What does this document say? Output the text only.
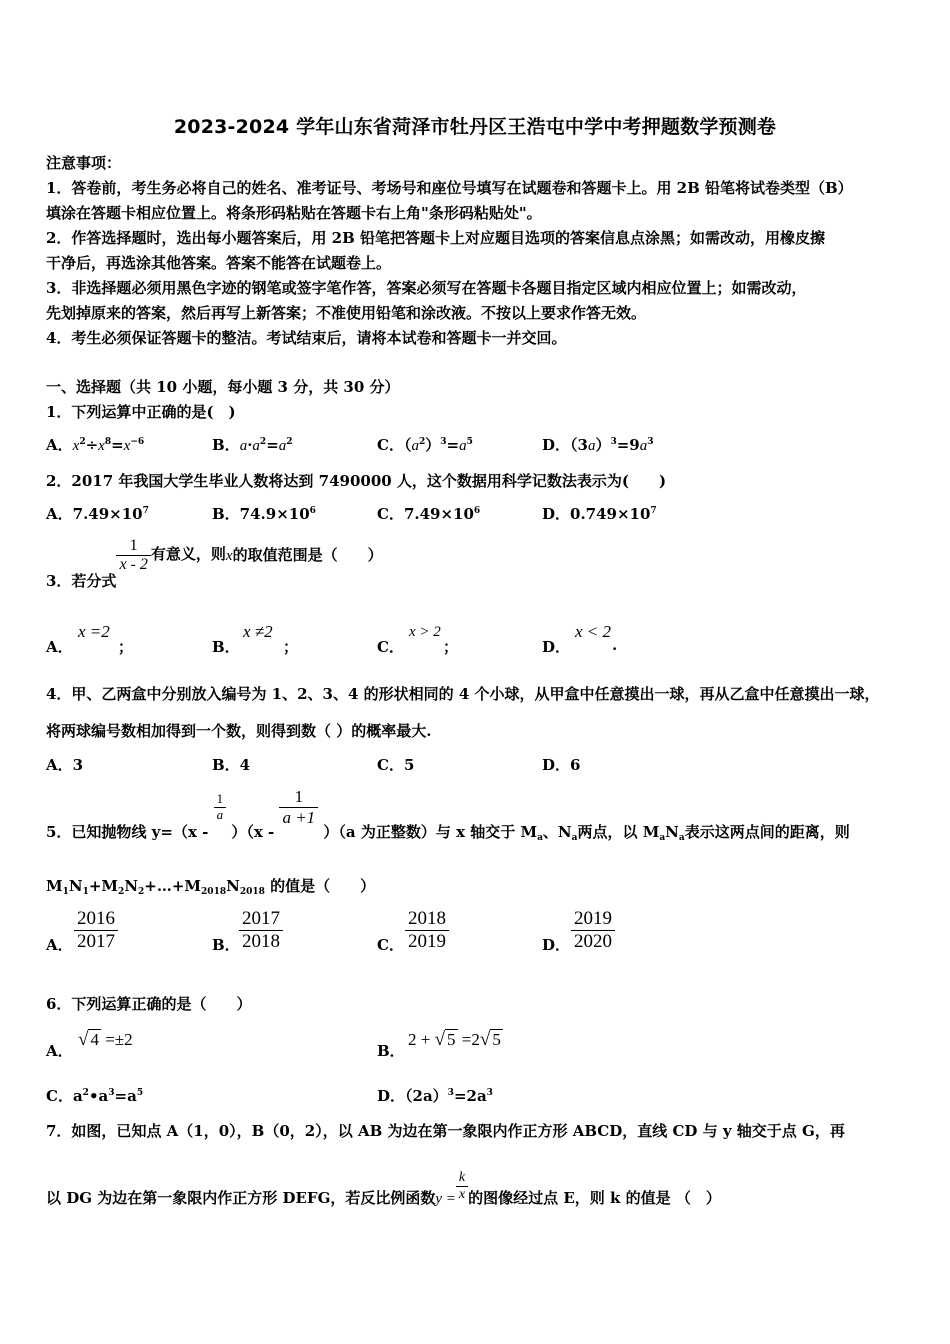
2023-2024 学年山东省菏泽市牡丹区王浩屯中学中考押题数学预测卷
注意事项：
1．答卷前，考生务必将自己的姓名、准考证号、考场号和座位号填写在试题卷和答题卡上。用 2B 铅笔将试卷类型（B）
填涂在答题卡相应位置上。将条形码粘贴在答题卡右上角"条形码粘贴处"。
2．作答选择题时，选出每小题答案后，用 2B 铅笔把答题卡上对应题目选项的答案信息点涂黑；如需改动，用橡皮擦
干净后，再选涂其他答案。答案不能答在试题卷上。
3．非选择题必须用黑色字迹的钢笔或签字笔作答，答案必须写在答题卡各题目指定区域内相应位置上；如需改动，
先划掉原来的答案，然后再写上新答案；不准使用铅笔和涂改液。不按以上要求作答无效。
4．考生必须保证答题卡的整洁。考试结束后，请将本试卷和答题卡一并交回。
一、选择题（共 10 小题，每小题 3 分，共 30 分）
1．下列运算中正确的是(　)
A．$x^2\div x^8=x^{-6}$	B．$a\cdot a^2=a^2$	C．$(a^2)^3=a^5$	D．$(3a)^3=9a^3$
2．2017 年我国大学生毕业人数将达到 7490000 人，这个数据用科学记数法表示为(　　)
A．$7.49\times 10^7$	B．$74.9\times 10^6$	C．$7.49\times 10^6$	D．$0.749\times 10^7$
3．若分式
$\frac{1}{x - 2}$ 有意义，则x的取值范围是（　　）
A．
x =2
；	B．
x ≠2
；	C．
x > 2
；	D．
x < 2
.
4．甲、乙两盒中分别放入编号为 1、2、3、4 的形状相同的 4 个小球，从甲盒中任意摸出一球，再从乙盒中任意摸出一球，
将两球编号数相加得到一个数，则得到数（ ）的概率最大.
A．3	B．4	C．5	D．6
5．已知抛物线 y=（x -
$\frac{1}{a}$
）（x -
$\frac{1}{a +1}$
）（a 为正整数）与 x 轴交于 $M_a$、$N_a$两点，以 $M_aN_a$表示这两点间的距离，则
$M_1N_1+M_2N_2+\dots+M_{2018}N_{2018}$ 的值是（　　）
A． $\frac{2016}{2017}$	B． $\frac{2017}{2018}$	C． $\frac{2018}{2019}$	D． $\frac{2019}{2020}$
6．下列运算正确的是（　　）
A．
√ 4 =±2
B．
2 + √ 5 =2√ 5
C．$a^2•a^3=a^5$	D．$(2a)^3=2a^3$
7．如图，已知点 A（1，0），B（0，2），以 AB 为边在第一象限内作正方形 ABCD，直线 CD 与 y 轴交于点 G，再
以 DG 为边在第一象限内作正方形 DEFG，若反比例函数$y = \frac{k}{x}$ 的图像经过点 E，则 k 的值是 （　）
